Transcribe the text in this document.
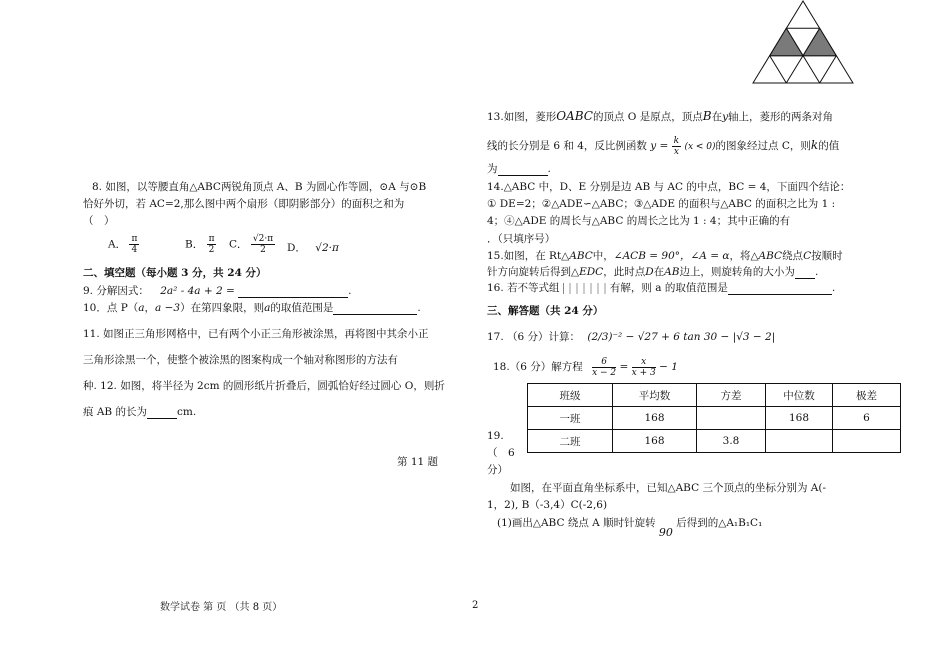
8. 如图，以等腰直角△ABC两锐角顶点 A、B 为圆心作等圆，⊙A 与⊙B
恰好外切，若 AC=2,那么图中两个扇形（即阴影部分）的面积之和为
（　）
A． $\frac{\pi}{4}$	B． $\frac{\pi}{2}$ C． $\frac{√2\cdot\pi}{2}$ D． √2·π
二、填空题（每小题 3 分，共 24 分）
9. 分解因式： 2a² - 4a + 2 =	.
10．点 P（a，a −3）在第四象限，则a的取值范围是	.
11. 如图正三角形网格中，已有两个小正三角形被涂黑，再将图中其余小正
三角形涂黑一个，使整个被涂黑的图案构成一个轴对称图形的方法有
种. 12. 如图，将半径为 2cm 的圆形纸片折叠后，圆弧恰好经过圆心 O，则折
痕 AB 的长为	cm.
第 11 题
数学试卷 第 页 （共 8 页）	2
13.如图，菱形OABC的顶点 O 是原点，顶点B在y轴上，菱形的两条对角
线的长分别是 6 和 4，反比例函数 $y = \frac{k}{x} (x < 0)$的图象经过点 C，则k的值
为	.
14.△ABC 中，D、E 分别是边 AB 与 AC 的中点，BC = 4，下面四个结论：
① DE=2；②△ADE∽△ABC；③△ADE 的面积与△ABC 的面积之比为 1 :
4；④△ADE 的周长与△ABC 的周长之比为 1 : 4；其中正确的有
．（只填序号）
15.如图，在 Rt△ABC中，∠ACB = 90°，∠A = α，将△ABC绕点C按顺时
针方向旋转后得到△EDC，此时点D在AB边上，则旋转角的大小为 .
16. 若不等式组	有解，则 a 的取值范围是	.
三、解答题（共 24 分）
17. （6 分）计算： (2/3)⁻² − √27 + 6 tan 30 − |√3 − 2|
18.（6 分）解方程 $\frac{6}{x - 2} = \frac{x}{x + 3} - 1$
班级	平均数	方差	中位数	极差
一班	168		168	6
二班	168	3.8		
19.
（　6
分）
如图，在平面直角坐标系中，已知△ABC 三个顶点的坐标分别为 A(-
1，2), B（-3,4）C(-2,6)
(1)画出△ABC 绕点 A 顺时针旋转 90 后得到的△A₁B₁C₁
